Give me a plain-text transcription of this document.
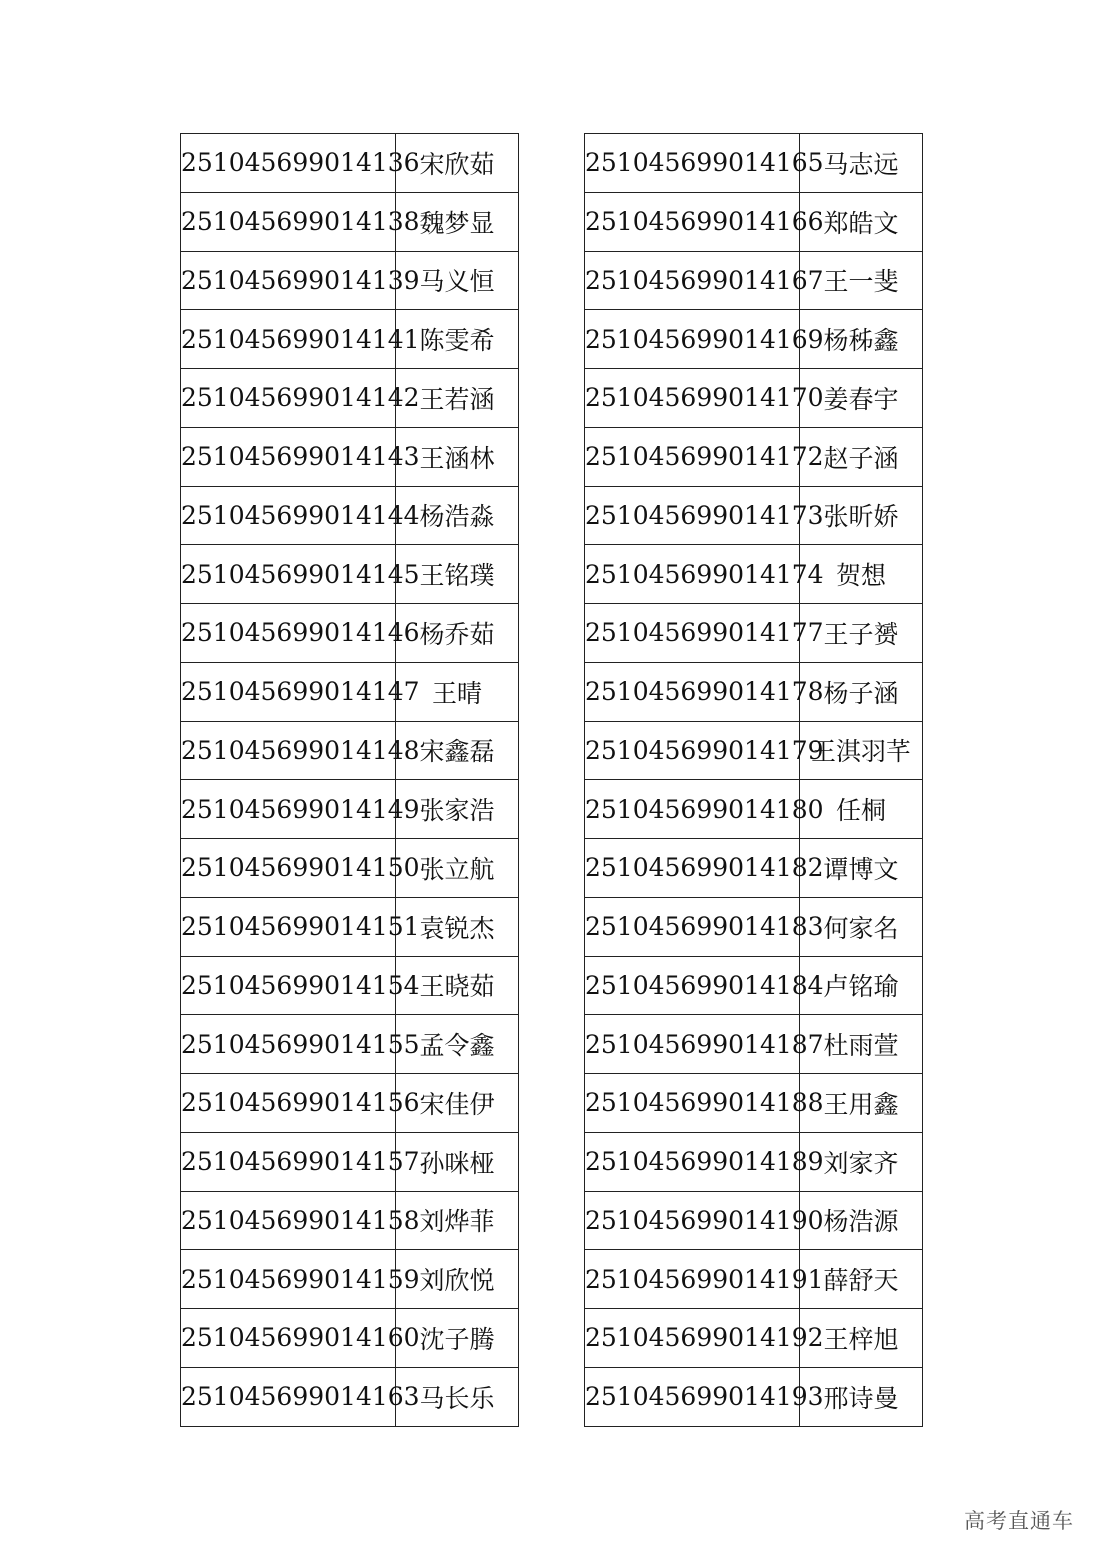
251045699014136	宋欣茹
251045699014138	魏梦显
251045699014139	马义恒
251045699014141	陈雯希
251045699014142	王若涵
251045699014143	王涵林
251045699014144	杨浩淼
251045699014145	王铭璞
251045699014146	杨乔茹
251045699014147	王晴
251045699014148	宋鑫磊
251045699014149	张家浩
251045699014150	张立航
251045699014151	袁锐杰
251045699014154	王晓茹
251045699014155	孟令鑫
251045699014156	宋佳伊
251045699014157	孙咪桠
251045699014158	刘烨菲
251045699014159	刘欣悦
251045699014160	沈子腾
251045699014163	马长乐
251045699014165	马志远
251045699014166	郑皓文
251045699014167	王一斐
251045699014169	杨秭鑫
251045699014170	姜春宇
251045699014172	赵子涵
251045699014173	张昕娇
251045699014174	贺想
251045699014177	王子赟
251045699014178	杨子涵
251045699014179	王淇羽芊
251045699014180	任桐
251045699014182	谭博文
251045699014183	何家名
251045699014184	卢铭瑜
251045699014187	杜雨萱
251045699014188	王用鑫
251045699014189	刘家齐
251045699014190	杨浩源
251045699014191	薛舒天
251045699014192	王梓旭
251045699014193	邢诗曼
高考直通车
